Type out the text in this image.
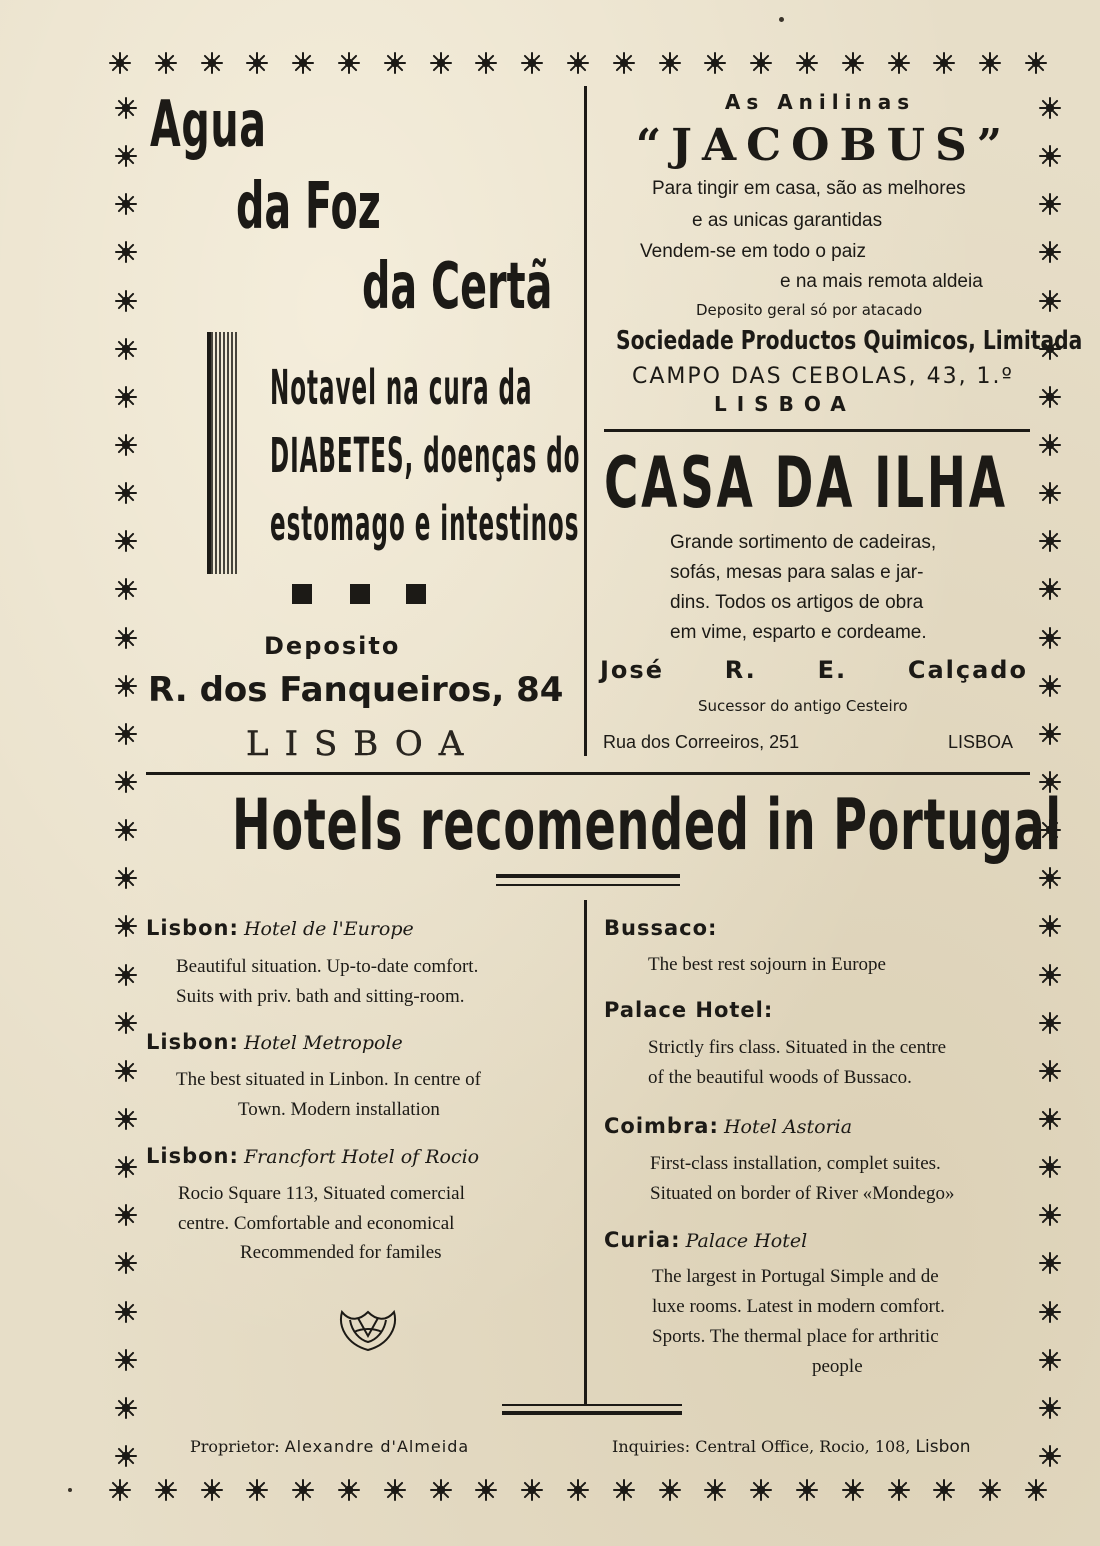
Agua
da Foz
da Certã
Notavel na cura da
DIABETES, doenças do
estomago e intestinos
Deposito
R. dos Fanqueiros, 84
LISBOA
As Anilinas
“JACOBUS”
Para tingir em casa, são as melhores
e as unicas garantidas
Vendem-se em todo o paiz
e na mais remota aldeia
Deposito geral só por atacado
Sociedade Productos Quimicos, Limitada
CAMPO DAS CEBOLAS, 43, 1.º
LISBOA
CASA DA ILHA
Grande sortimento de cadeiras,
sofás, mesas para salas e jar-
dins. Todos os artigos de obra
em vime, esparto e cordeame.
José	R.	E.	Calçado
Sucessor do antigo Cesteiro
Rua dos Correeiros, 251	LISBOA
Hotels recomended in Portugal
Lisbon: Hotel de l'Europe
Beautiful situation. Up-to-date comfort.
Suits with priv. bath and sitting-room.
Lisbon: Hotel Metropole
The best situated in Linbon. In centre of
Town. Modern installation
Lisbon: Francfort Hotel of Rocio
Rocio Square 113, Situated comercial
centre. Comfortable and economical
Recommended for familes
Bussaco:
The best rest sojourn in Europe
Palace Hotel:
Strictly firs class. Situated in the centre
of the beautiful woods of Bussaco.
Coimbra: Hotel Astoria
First-class installation, complet suites.
Situated on border of River «Mondego»
Curia: Palace Hotel
The largest in Portugal Simple and de
luxe rooms. Latest in modern comfort.
Sports. The thermal place for arthritic
people
Proprietor: Alexandre d'Almeida	Inquiries: Central Office, Rocio, 108, Lisbon
